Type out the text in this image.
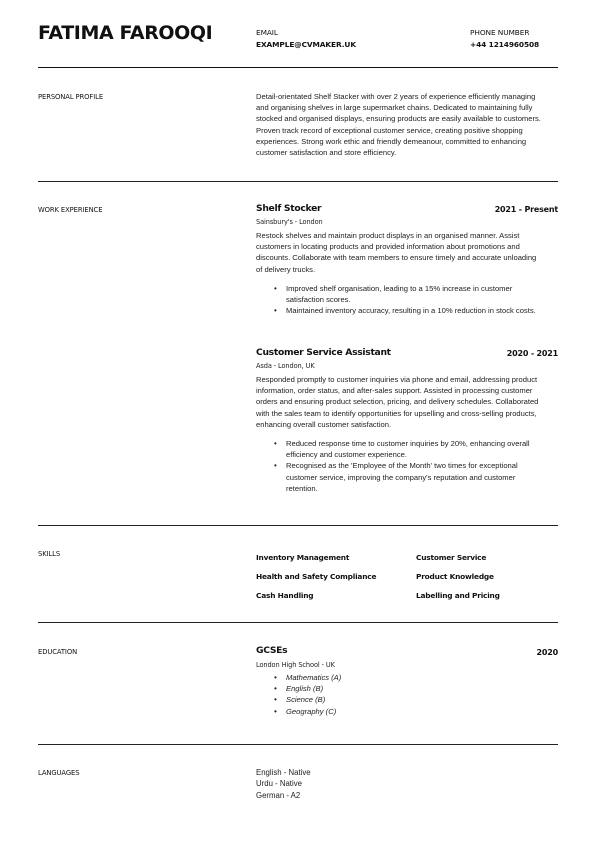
FATIMA FAROOQI	EMAIL
EXAMPLE@CVMAKER.UK
PHONE NUMBER
+44 1214960508
PERSONAL PROFILE	Detail-orientated Shelf Stacker with over 2 years of experience efficiently managing
and organising shelves in large supermarket chains. Dedicated to maintaining fully
stocked and organised displays, ensuring products are easily available to customers.
Proven track record of exceptional customer service, creating positive shopping
experiences. Strong work ethic and friendly demeanour, committed to enhancing
customer satisfaction and store efficiency.
WORK EXPERIENCE	Shelf Stocker	2021 - Present
Sainsbury's - London
Restock shelves and maintain product displays in an organised manner. Assist
customers in locating products and provided information about promotions and
discounts. Collaborate with team members to ensure timely and accurate unloading
of delivery trucks.
• Improved shelf organisation, leading to a 15% increase in customer
satisfaction scores.
• Maintained inventory accuracy, resulting in a 10% reduction in stock costs.
Customer Service Assistant	2020 - 2021
Asda - London, UK
Responded promptly to customer inquiries via phone and email, addressing product
information, order status, and after-sales support. Assisted in processing customer
orders and ensuring product selection, pricing, and delivery schedules. Collaborated
with the sales team to identify opportunities for upselling and cross-selling products,
enhancing overall customer satisfaction.
• Reduced response time to customer inquiries by 20%, enhancing overall
efficiency and customer experience.
• Recognised as the 'Employee of the Month' two times for exceptional
customer service, improving the company's reputation and customer
retention.
SKILLS	Inventory Management	Customer Service
Health and Safety Compliance	Product Knowledge
Cash Handling	Labelling and Pricing
EDUCATION	GCSEs	2020
London High School - UK
• Mathematics (A)
• English (B)
• Science (B)
• Geography (C)
LANGUAGES	English - Native
Urdu - Native
German - A2
